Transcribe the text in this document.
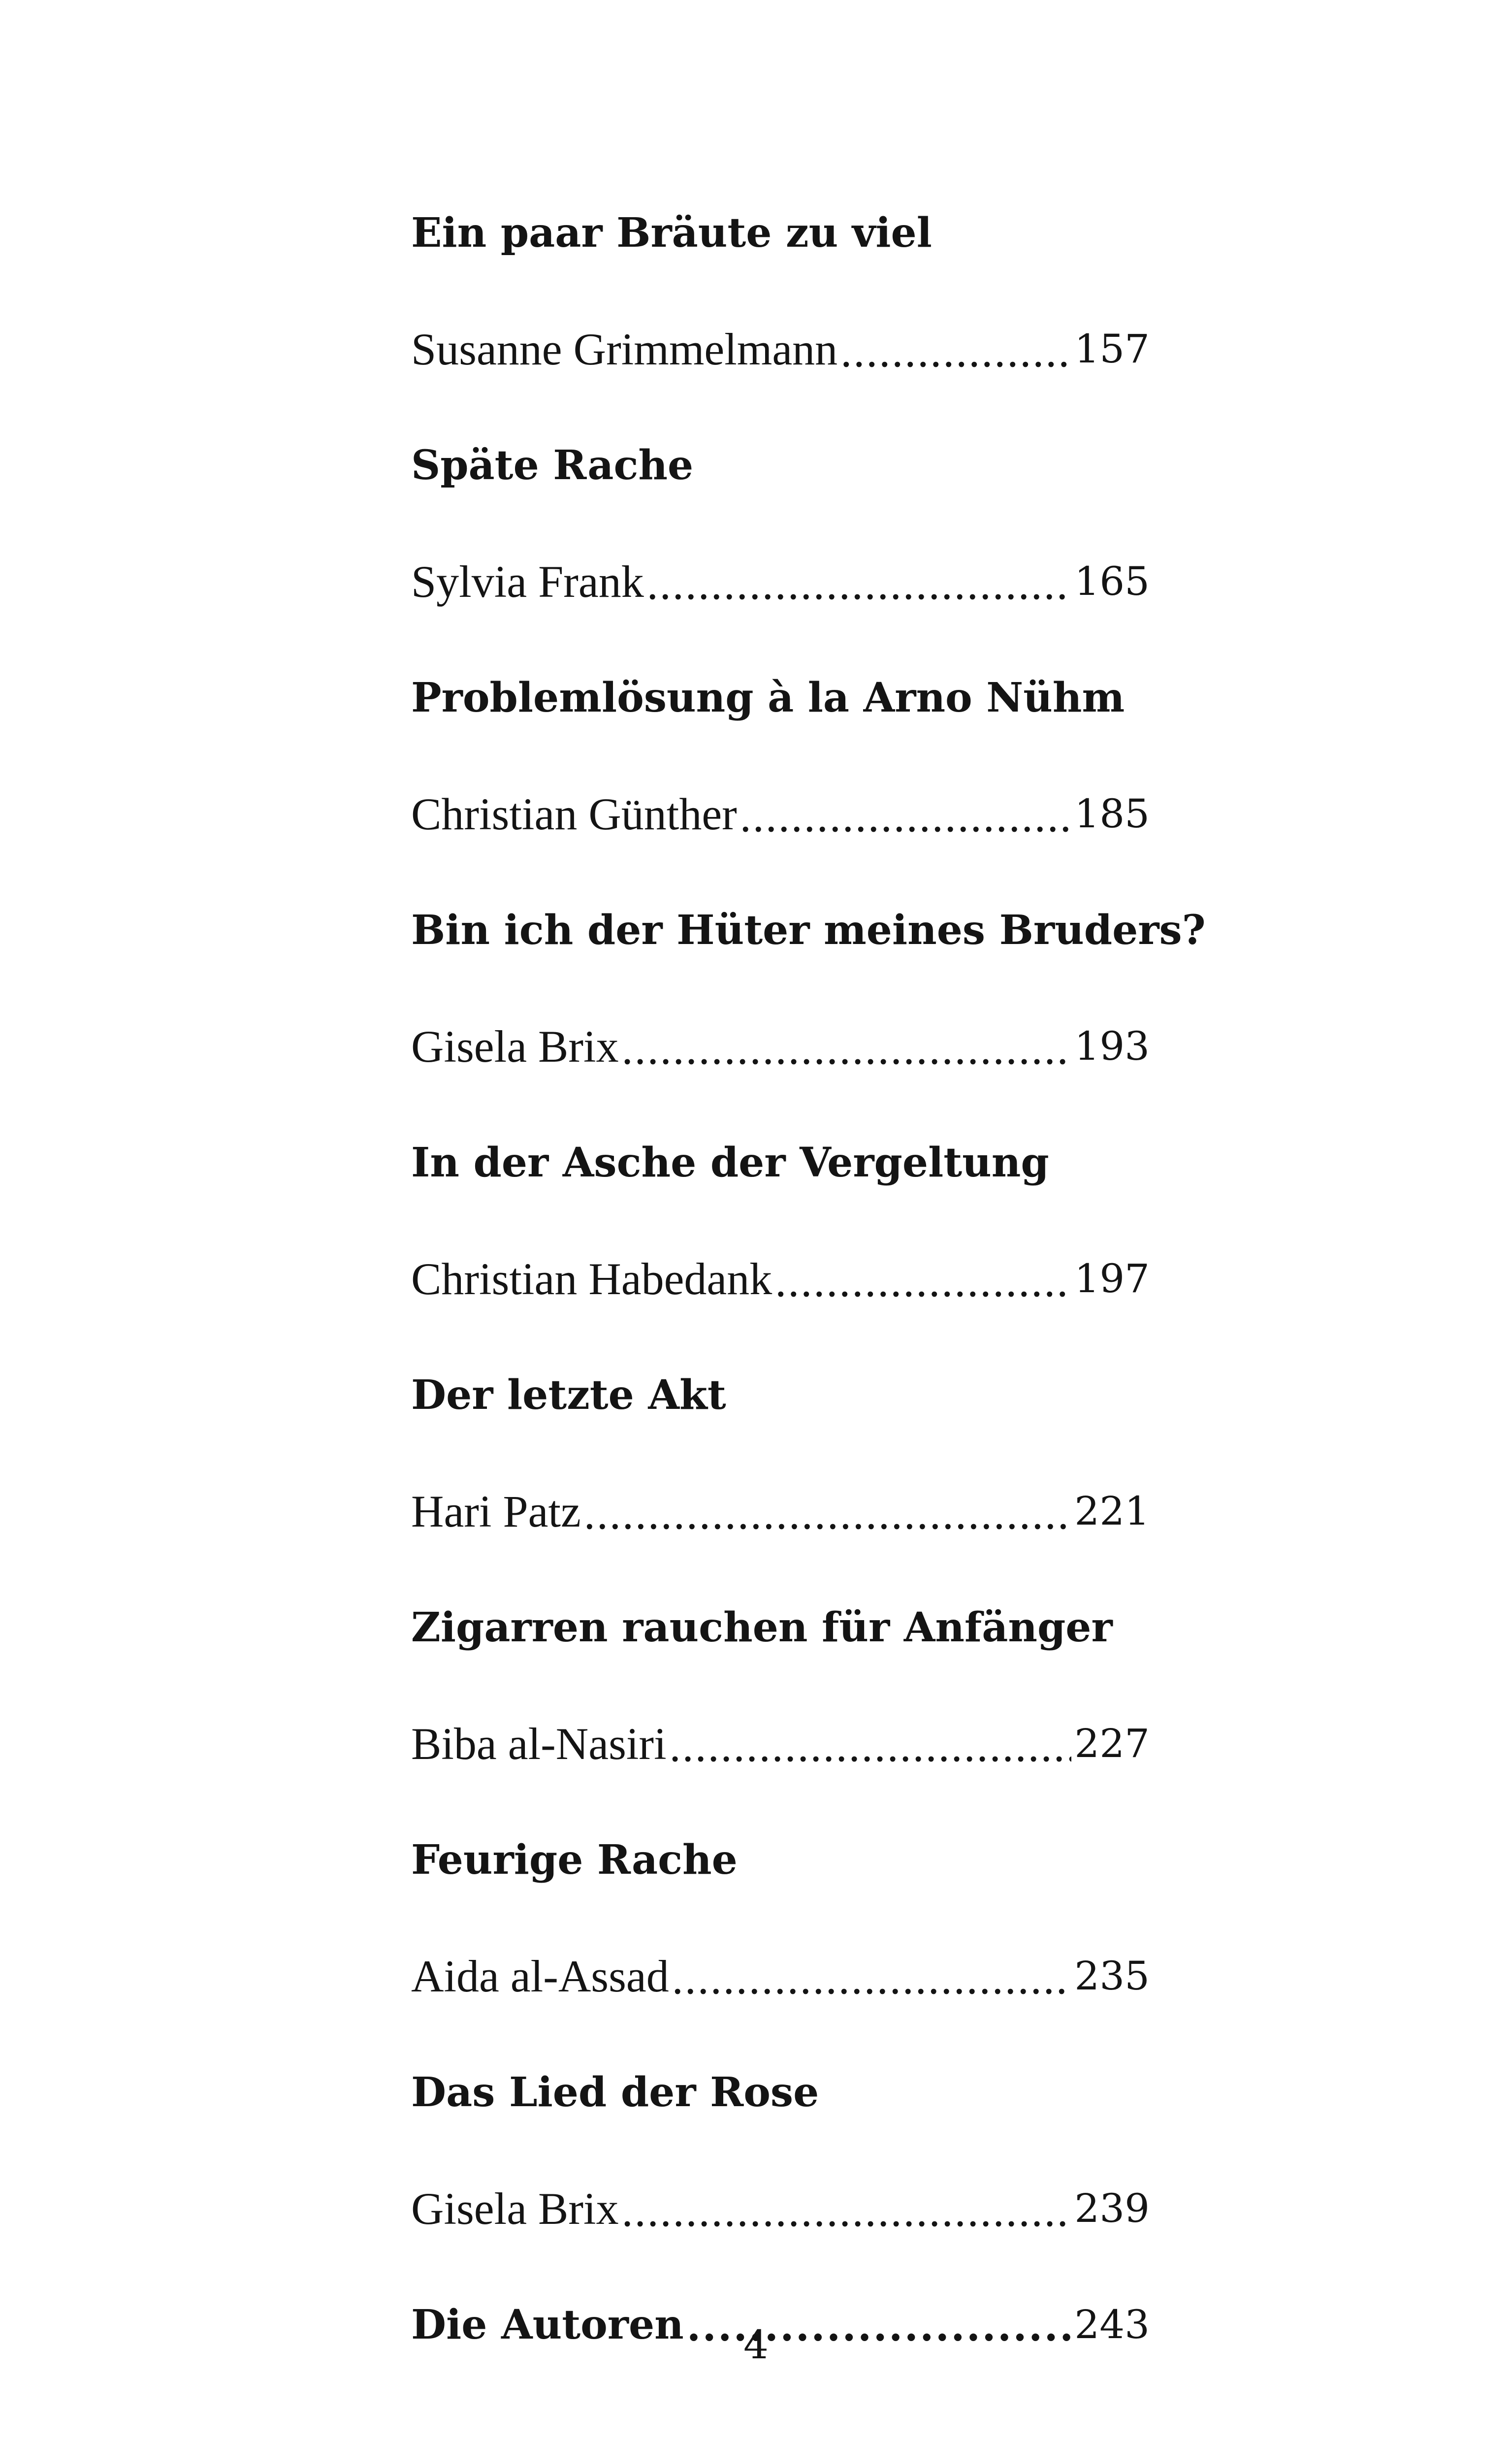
Ein paar Bräute zu viel
Susanne Grimmelmann .....	157
Späte Rache
Sylvia Frank .....	165
Problemlösung à la Arno Nühm
Christian Günther .....	185
Bin ich der Hüter meines Bruders?
Gisela Brix .....	193
In der Asche der Vergeltung
Christian Habedank .....	197
Der letzte Akt
Hari Patz .....	221
Zigarren rauchen für Anfänger
Biba al-Nasiri .....	227
Feurige Rache
Aida al-Assad .....	235
Das Lied der Rose
Gisela Brix .....	239
Die Autoren .....	243
4
